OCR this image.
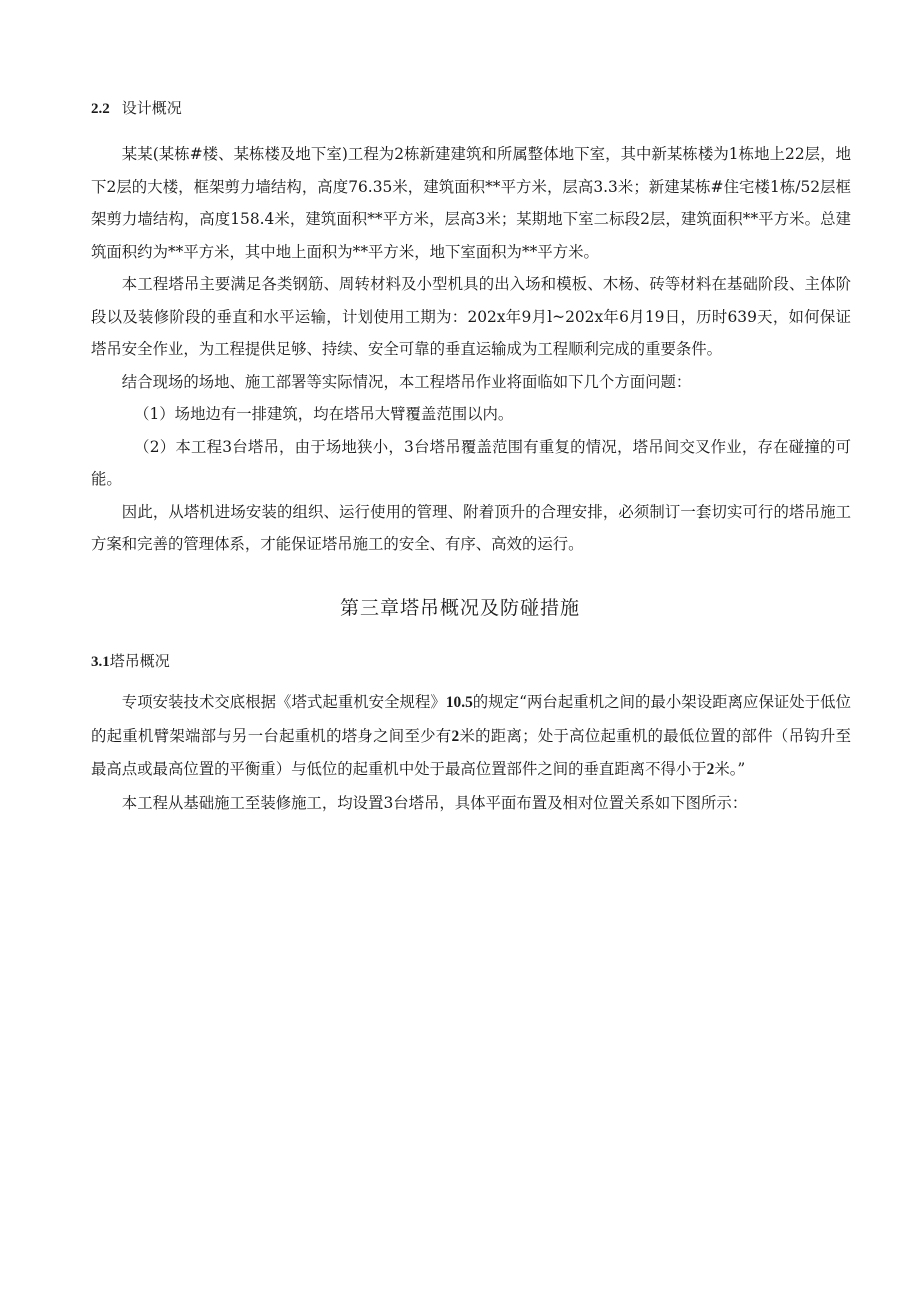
2.2 设计概况

某某(某栋#楼、某栋楼及地下室)工程为2栋新建建筑和所属整体地下室，其中新某栋楼为1栋地上22层，地下2层的大楼，框架剪力墙结构，高度76.35米，建筑面积**平方米，层高3.3米；新建某栋#住宅楼1栋/52层框架剪力墙结构，高度158.4米，建筑面积**平方米，层高3米；某期地下室二标段2层，建筑面积**平方米。总建筑面积约为**平方米，其中地上面积为**平方米，地下室面积为**平方米。

本工程塔吊主要满足各类钢筋、周转材料及小型机具的出入场和模板、木杨、砖等材料在基础阶段、主体阶段以及装修阶段的垂直和水平运输，计划使用工期为：202x年9月l~202x年6月19日，历时639天，如何保证塔吊安全作业，为工程提供足够、持续、安全可靠的垂直运输成为工程顺利完成的重要条件。

结合现场的场地、施工部署等实际情况，本工程塔吊作业将面临如下几个方面问题：

（1）场地边有一排建筑，均在塔吊大臂覆盖范围以内。

（2）本工程3台塔吊，由于场地狭小，3台塔吊覆盖范围有重复的情况，塔吊间交叉作业，存在碰撞的可能。

因此，从塔机进场安装的组织、运行使用的管理、附着顶升的合理安排，必须制订一套切实可行的塔吊施工方案和完善的管理体系，才能保证塔吊施工的安全、有序、高效的运行。

第三章塔吊概况及防碰措施
3.1塔吊概况

专项安装技术交底根据《塔式起重机安全规程》10.5的规定“两台起重机之间的最小架设距离应保证处于低位的起重机臂架端部与另一台起重机的塔身之间至少有2米的距离；处于高位起重机的最低位置的部件（吊钩升至最高点或最高位置的平衡重）与低位的起重机中处于最高位置部件之间的垂直距离不得小于2米。”

本工程从基础施工至装修施工，均设置3台塔吊，具体平面布置及相对位置关系如下图所示：
